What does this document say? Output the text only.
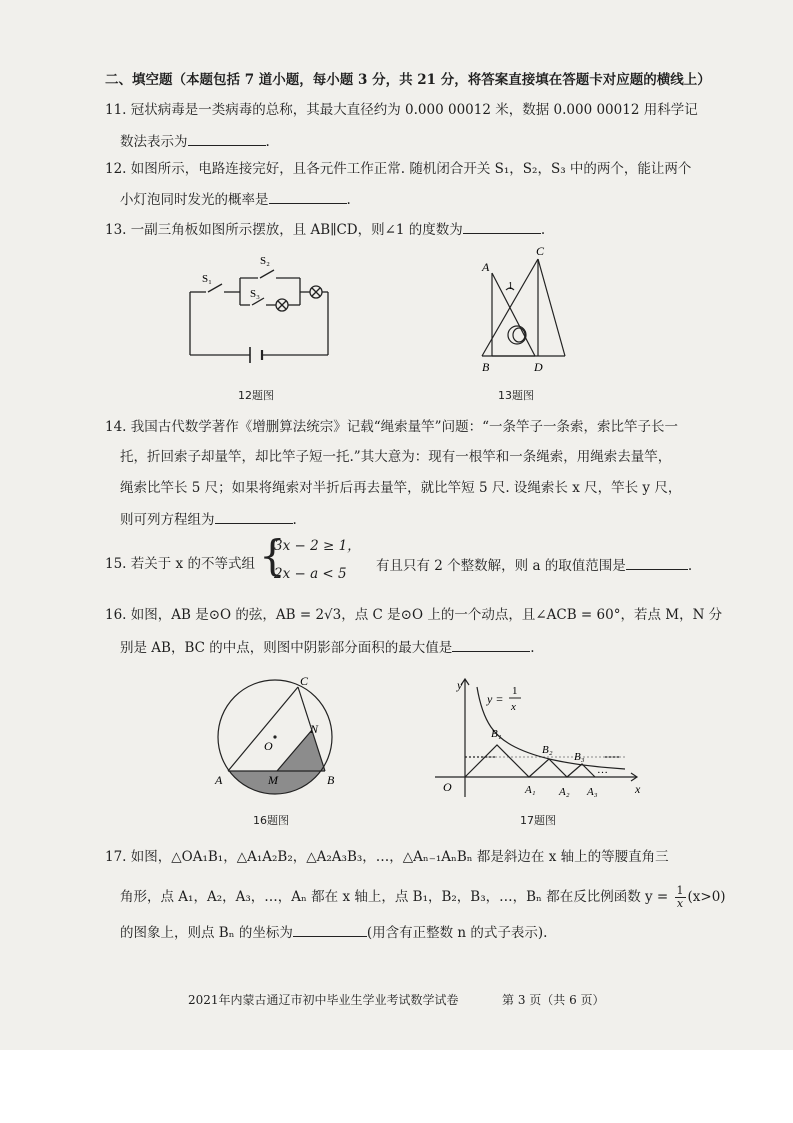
二、填空题（本题包括 7 道小题，每小题 3 分，共 21 分，将答案直接填在答题卡对应题的横线上）
11. 冠状病毒是一类病毒的总称，其最大直径约为 0.000 00012 米，数据 0.000 00012 用科学记
数法表示为	.
12. 如图所示，电路连接完好，且各元件工作正常. 随机闭合开关 S₁，S₂，S₃ 中的两个，能让两个
小灯泡同时发光的概率是	.
13. 一副三角板如图所示摆放，且 AB∥CD，则∠1 的度数为	.
S₁
S₂
S₃
12题图
A
C
B	D
1
13题图
14. 我国古代数学著作《增删算法统宗》记载“绳索量竿”问题：“一条竿子一条索，索比竿子长一
托，折回索子却量竿，却比竿子短一托.”其大意为：现有一根竿和一条绳索，用绳索去量竿，
绳索比竿长 5 尺；如果将绳索对半折后再去量竿，就比竿短 5 尺. 设绳索长 x 尺，竿长 y 尺，
则可列方程组为	.
15. 若关于 x 的不等式组 {
3x − 2 ≥ 1，
2x − a < 5 有且只有 2 个整数解，则 a 的取值范围是	.
16. 如图，AB 是⊙O 的弦，AB = 2√3，点 C 是⊙O 上的一个动点，且∠ACB = 60°，若点 M，N 分
别是 AB，BC 的中点，则图中阴影部分面积的最大值是	.
O
A	B
C
N
M
16题图
y
x
O
y =
1
x
B₁
B₂
B₃
A₁ A₂ A₃
…
17题图
17. 如图，△OA₁B₁，△A₁A₂B₂，△A₂A₃B₃，…，△Aₙ₋₁AₙBₙ 都是斜边在 x 轴上的等腰直角三
角形，点 A₁，A₂，A₃，…，Aₙ 都在 x 轴上，点 B₁，B₂，B₃，…，Bₙ 都在反比例函数 $y = \frac{1}{x} (x>0)$
的图象上，则点 Bₙ 的坐标为	(用含有正整数 n 的式子表示).
2021年内蒙古通辽市初中毕业生学业考试数学试卷	第 3 页（共 6 页）
